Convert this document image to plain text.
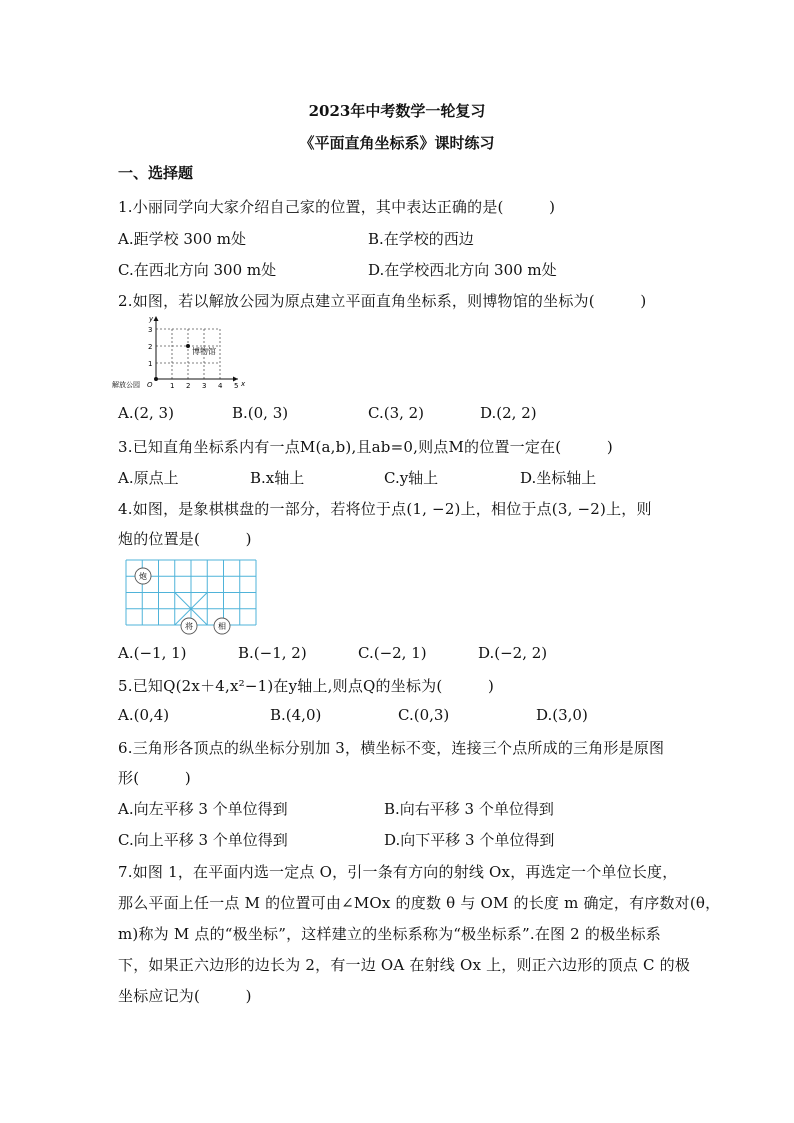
2023年中考数学一轮复习
《平面直角坐标系》课时练习
一、选择题
1.小丽同学向大家介绍自己家的位置，其中表达正确的是(　　　)
A.距学校 300 m处	B.在学校的西边
C.在西北方向 300 m处	D.在学校西北方向 300 m处
2.如图，若以解放公园为原点建立平面直角坐标系，则博物馆的坐标为(　　　)
解放公园 O 1 2 3 4 5 x
1
2
3
y
博物馆
A.(2, 3)	B.(0, 3)	C.(3, 2)	D.(2, 2)
3.已知直角坐标系内有一点M(a,b),且ab=0,则点M的位置一定在(　　　)
A.原点上	B.x轴上	C.y轴上	D.坐标轴上
4.如图，是象棋棋盘的一部分，若将位于点(1, −2)上，相位于点(3, −2)上，则
炮的位置是(　　　)
炮
将	相
A.(−1, 1)	B.(−1, 2)	C.(−2, 1)	D.(−2, 2)
5.已知Q(2x＋4,x²−1)在y轴上,则点Q的坐标为(　　　)
A.(0,4)	B.(4,0)	C.(0,3)	D.(3,0)
6.三角形各顶点的纵坐标分别加 3，横坐标不变，连接三个点所成的三角形是原图
形(　　　)
A.向左平移 3 个单位得到	B.向右平移 3 个单位得到
C.向上平移 3 个单位得到	D.向下平移 3 个单位得到
7.如图 1，在平面内选一定点 O，引一条有方向的射线 Ox，再选定一个单位长度，
那么平面上任一点 M 的位置可由∠MOx 的度数 θ 与 OM 的长度 m 确定，有序数对(θ，
m)称为 M 点的“极坐标”，这样建立的坐标系称为“极坐标系”.在图 2 的极坐标系
下，如果正六边形的边长为 2，有一边 OA 在射线 Ox 上，则正六边形的顶点 C 的极
坐标应记为(　　　)
